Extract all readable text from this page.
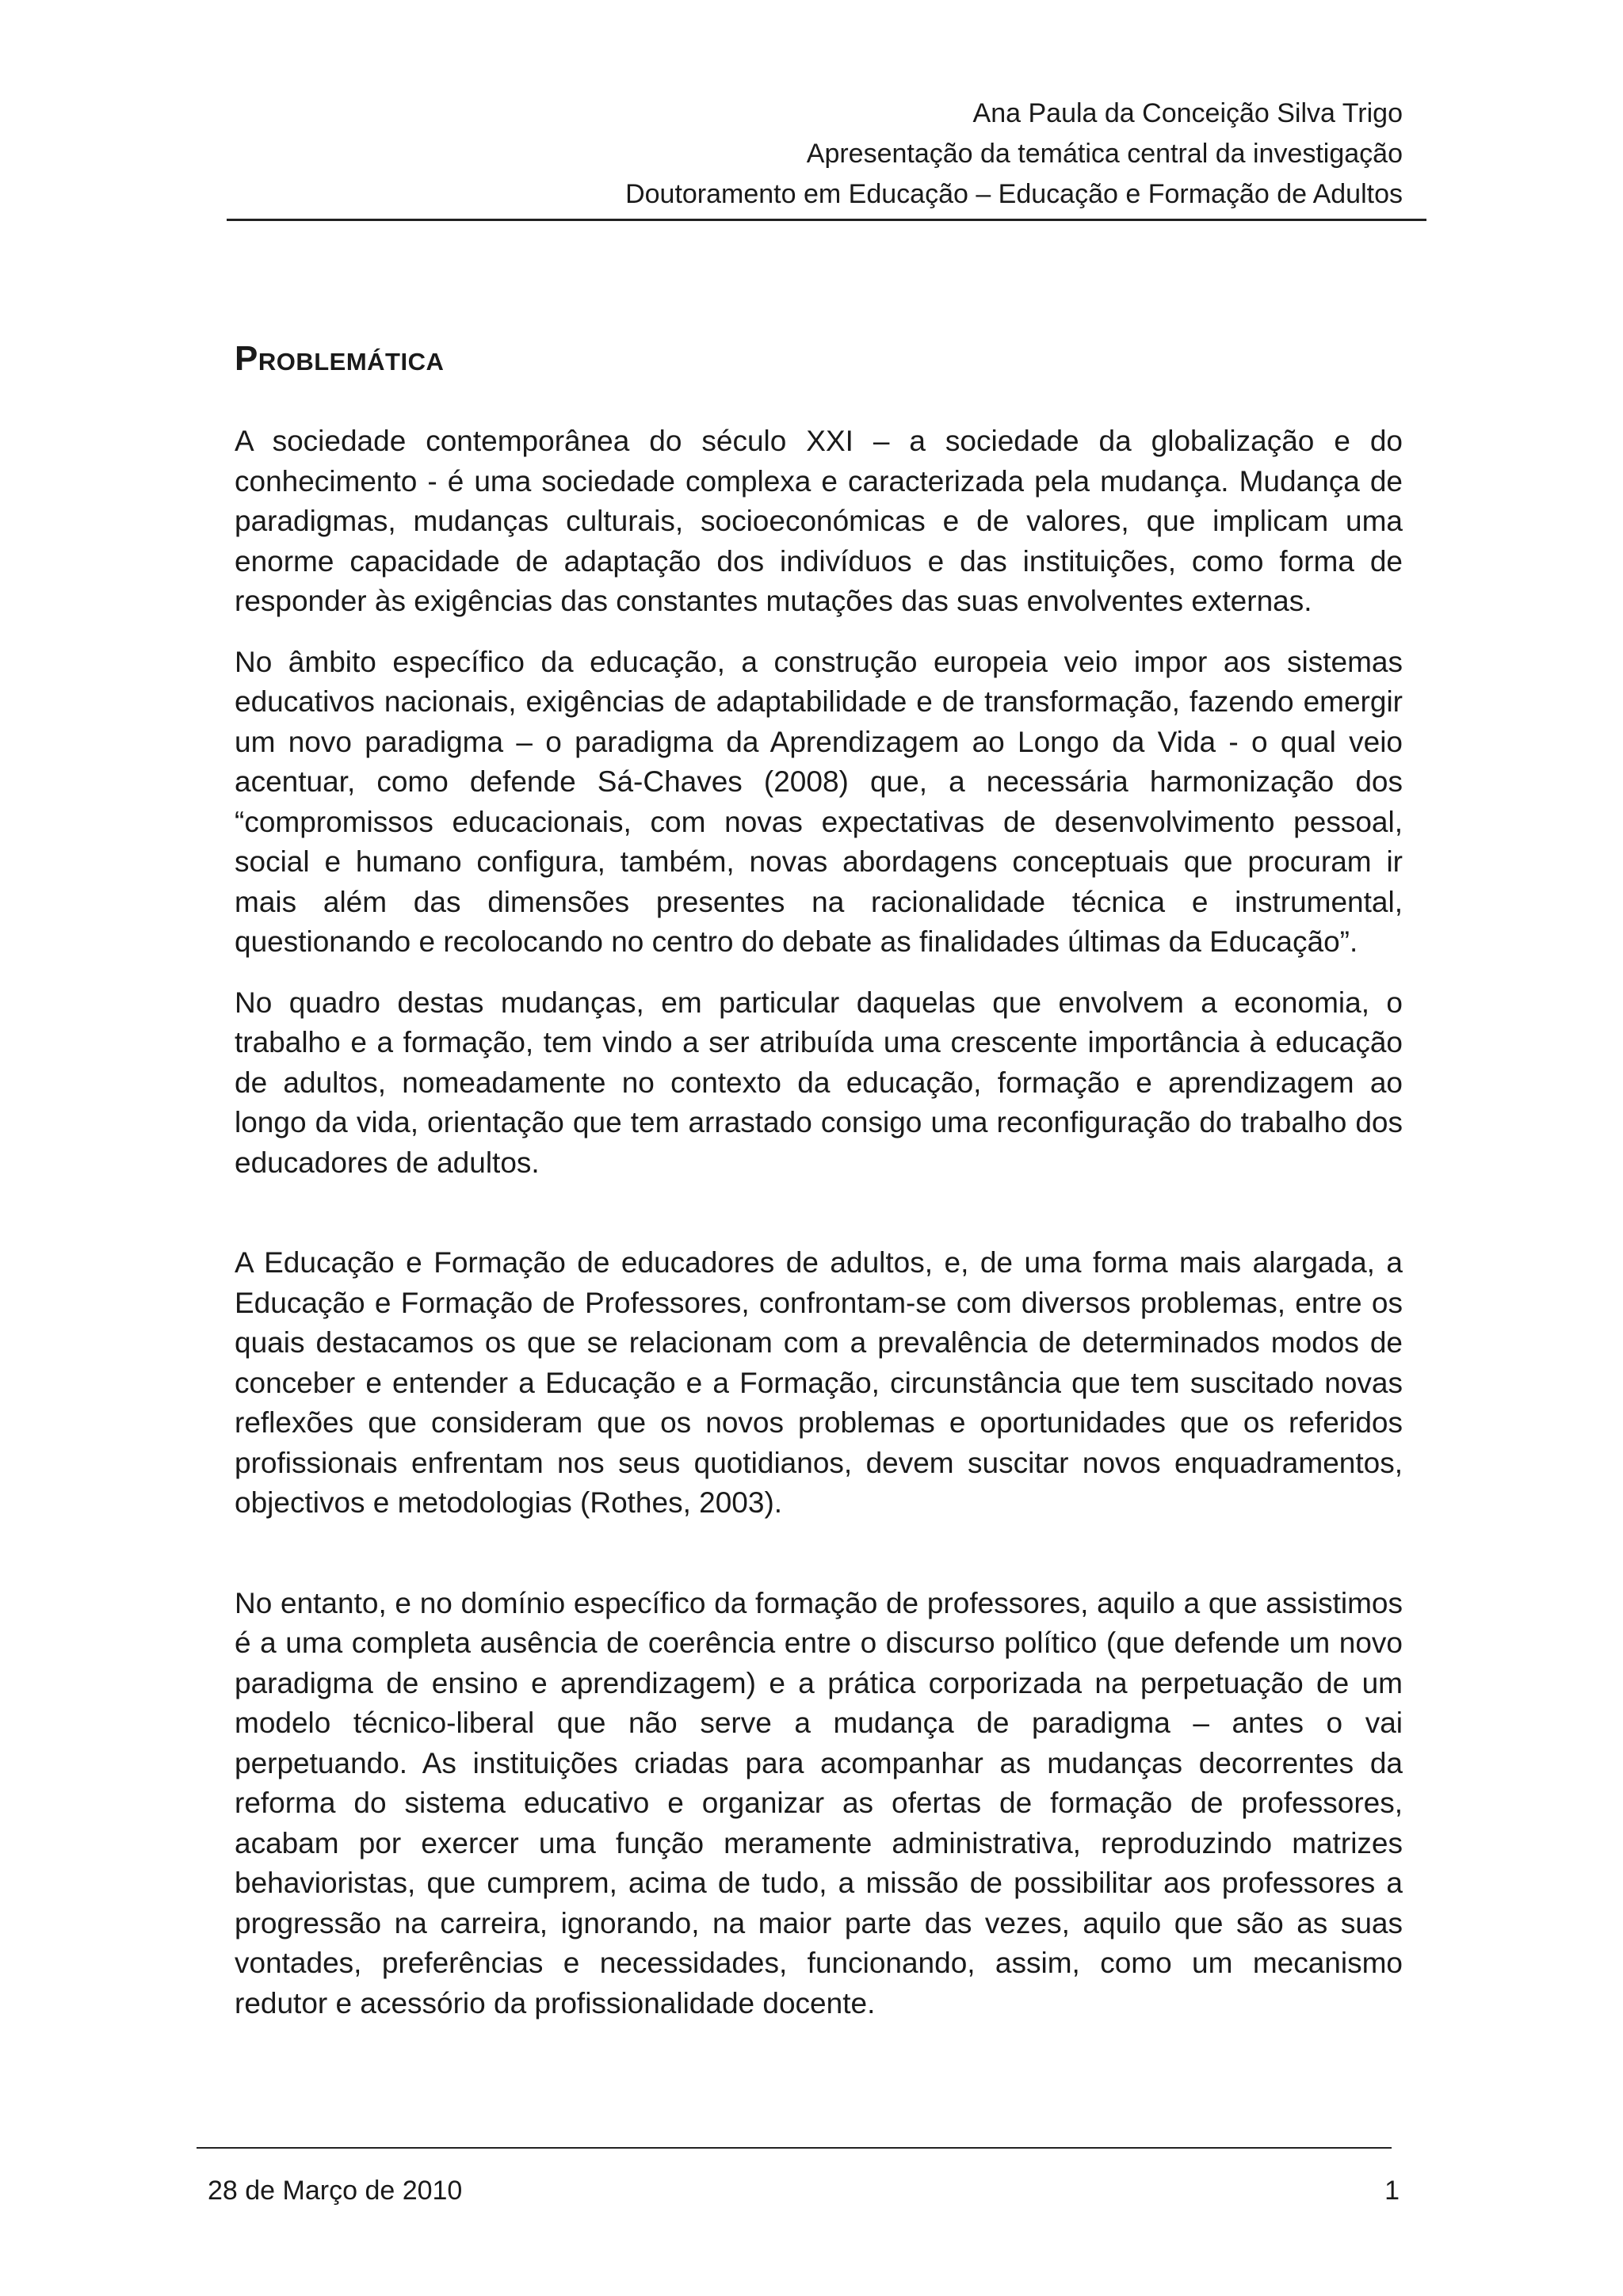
Ana Paula da Conceição Silva Trigo
Apresentação da temática central da investigação
Doutoramento em Educação – Educação e Formação de Adultos
Problemática

A sociedade contemporânea do século XXI – a sociedade da globalização e do conhecimento - é uma sociedade complexa e caracterizada pela mudança. Mudança de paradigmas, mudanças culturais, socioeconómicas e de valores, que implicam uma enorme capacidade de adaptação dos indivíduos e das instituições, como forma de responder às exigências das constantes mutações das suas envolventes externas.

No âmbito específico da educação, a construção europeia veio impor aos sistemas educativos nacionais, exigências de adaptabilidade e de transformação, fazendo emergir um novo paradigma – o paradigma da Aprendizagem ao Longo da Vida - o qual veio acentuar, como defende Sá-Chaves (2008) que, a necessária harmonização dos “compromissos educacionais, com novas expectativas de desenvolvimento pessoal, social e humano configura, também, novas abordagens conceptuais que procuram ir mais além das dimensões presentes na racionalidade técnica e instrumental, questionando e recolocando no centro do debate as finalidades últimas da Educação”.

No quadro destas mudanças, em particular daquelas que envolvem a economia, o trabalho e a formação, tem vindo a ser atribuída uma crescente importância à educação de adultos, nomeadamente no contexto da educação, formação e aprendizagem ao longo da vida, orientação que tem arrastado consigo uma reconfiguração do trabalho dos educadores de adultos.

A Educação e Formação de educadores de adultos, e, de uma forma mais alargada, a Educação e Formação de Professores, confrontam-se com diversos problemas, entre os quais destacamos os que se relacionam com a prevalência de determinados modos de conceber e entender a Educação e a Formação, circunstância que tem suscitado novas reflexões que consideram que os novos problemas e oportunidades que os referidos profissionais enfrentam nos seus quotidianos, devem suscitar novos enquadramentos, objectivos e metodologias (Rothes, 2003).

No entanto, e no domínio específico da formação de professores, aquilo a que assistimos é a uma completa ausência de coerência entre o discurso político (que defende um novo paradigma de ensino e aprendizagem) e a prática corporizada na perpetuação de um modelo técnico-liberal que não serve a mudança de paradigma – antes o vai perpetuando. As instituições criadas para acompanhar as mudanças decorrentes da reforma do sistema educativo e organizar as ofertas de formação de professores, acabam por exercer uma função meramente administrativa, reproduzindo matrizes behavioristas, que cumprem, acima de tudo, a missão de possibilitar aos professores a progressão na carreira, ignorando, na maior parte das vezes, aquilo que são as suas vontades, preferências e necessidades, funcionando, assim, como um mecanismo redutor e acessório da profissionalidade docente.

28 de Março de 2010	1
